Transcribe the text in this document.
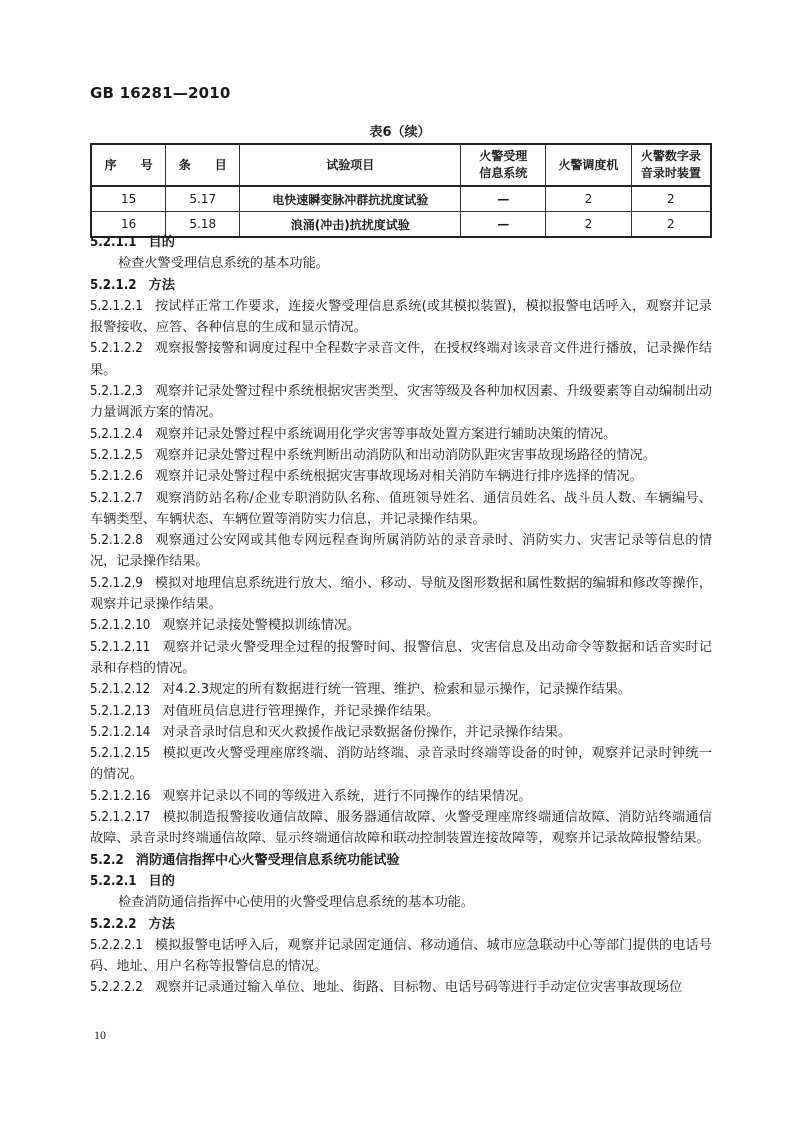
GB 16281—2010
表6（续）
序　　号	条　　目	试验项目	火警受理
信息系统	火警调度机	火警数字录
音录时装置
15	5.17	电快速瞬变脉冲群抗扰度试验	—	2	2
16	5.18	浪涌(冲击)抗扰度试验	—	2	2

5.2.1.1 目的

检查火警受理信息系统的基本功能。

5.2.1.2 方法

5.2.1.2.1 按试样正常工作要求，连接火警受理信息系统(或其模拟装置)，模拟报警电话呼入，观察并记录报警接收、应答、各种信息的生成和显示情况。

5.2.1.2.2 观察报警接警和调度过程中全程数字录音文件，在授权终端对该录音文件进行播放，记录操作结果。

5.2.1.2.3 观察并记录处警过程中系统根据灾害类型、灾害等级及各种加权因素、升级要素等自动编制出动力量调派方案的情况。

5.2.1.2.4 观察并记录处警过程中系统调用化学灾害等事故处置方案进行辅助决策的情况。

5.2.1.2.5 观察并记录处警过程中系统判断出动消防队和出动消防队距灾害事故现场路径的情况。

5.2.1.2.6 观察并记录处警过程中系统根据灾害事故现场对相关消防车辆进行排序选择的情况。

5.2.1.2.7 观察消防站名称/企业专职消防队名称、值班领导姓名、通信员姓名、战斗员人数、车辆编号、车辆类型、车辆状态、车辆位置等消防实力信息，并记录操作结果。

5.2.1.2.8 观察通过公安网或其他专网远程查询所属消防站的录音录时、消防实力、灾害记录等信息的情况，记录操作结果。

5.2.1.2.9 模拟对地理信息系统进行放大、缩小、移动、导航及图形数据和属性数据的编辑和修改等操作，观察并记录操作结果。

5.2.1.2.10 观察并记录接处警模拟训练情况。

5.2.1.2.11 观察并记录火警受理全过程的报警时间、报警信息、灾害信息及出动命令等数据和话音实时记录和存档的情况。

5.2.1.2.12 对4.2.3规定的所有数据进行统一管理、维护、检索和显示操作，记录操作结果。

5.2.1.2.13 对值班员信息进行管理操作，并记录操作结果。

5.2.1.2.14 对录音录时信息和灭火救援作战记录数据备份操作，并记录操作结果。

5.2.1.2.15 模拟更改火警受理座席终端、消防站终端、录音录时终端等设备的时钟，观察并记录时钟统一的情况。

5.2.1.2.16 观察并记录以不同的等级进入系统，进行不同操作的结果情况。

5.2.1.2.17 模拟制造报警接收通信故障、服务器通信故障、火警受理座席终端通信故障、消防站终端通信故障、录音录时终端通信故障、显示终端通信故障和联动控制装置连接故障等，观察并记录故障报警结果。

5.2.2 消防通信指挥中心火警受理信息系统功能试验

5.2.2.1 目的

检查消防通信指挥中心使用的火警受理信息系统的基本功能。

5.2.2.2 方法

5.2.2.2.1 模拟报警电话呼入后，观察并记录固定通信、移动通信、城市应急联动中心等部门提供的电话号码、地址、用户名称等报警信息的情况。

5.2.2.2.2 观察并记录通过输入单位、地址、街路、目标物、电话号码等进行手动定位灾害事故现场位

10
